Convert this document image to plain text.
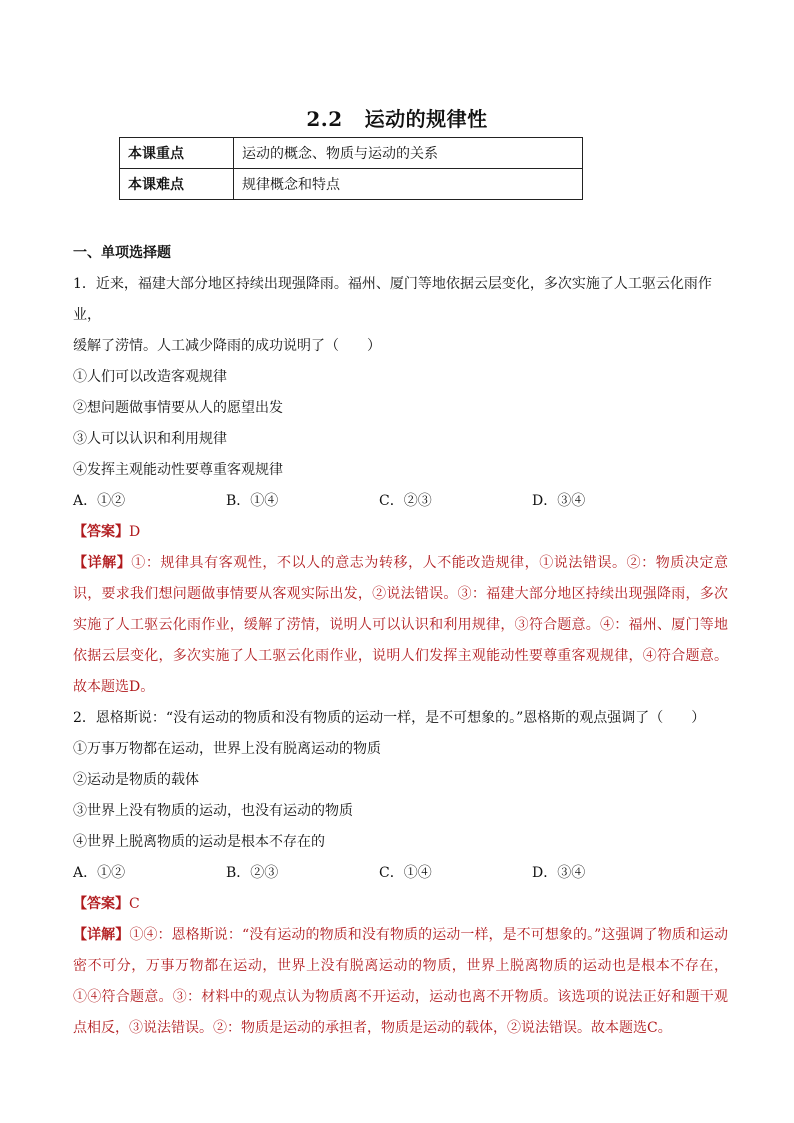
2.2 运动的规律性
本课重点	运动的概念、物质与运动的关系
本课难点	规律概念和特点

一、单项选择题

1．近来，福建大部分地区持续出现强降雨。福州、厦门等地依据云层变化，多次实施了人工驱云化雨作业，
缓解了涝情。人工减少降雨的成功说明了（　　）

①人们可以改造客观规律

②想问题做事情要从人的愿望出发

③人可以认识和利用规律

④发挥主观能动性要尊重客观规律

A．①②	B．①④	C．②③	D．③④

【答案】D

【详解】①：规律具有客观性，不以人的意志为转移，人不能改造规律，①说法错误。②：物质决定意识，要求我们想问题做事情要从客观实际出发，②说法错误。③：福建大部分地区持续出现强降雨，多次实施了人工驱云化雨作业，缓解了涝情，说明人可以认识和利用规律，③符合题意。④：福州、厦门等地依据云层变化，多次实施了人工驱云化雨作业，说明人们发挥主观能动性要尊重客观规律，④符合题意。故本题选D。

2．恩格斯说：“没有运动的物质和没有物质的运动一样，是不可想象的。”恩格斯的观点强调了（　　）

①万事万物都在运动，世界上没有脱离运动的物质

②运动是物质的载体

③世界上没有物质的运动，也没有运动的物质

④世界上脱离物质的运动是根本不存在的

A．①②	B．②③	C．①④	D．③④

【答案】C

【详解】①④：恩格斯说：“没有运动的物质和没有物质的运动一样，是不可想象的。”这强调了物质和运动密不可分，万事万物都在运动，世界上没有脱离运动的物质，世界上脱离物质的运动也是根本不存在，①④符合题意。③：材料中的观点认为物质离不开运动，运动也离不开物质。该选项的说法正好和题干观点相反，③说法错误。②：物质是运动的承担者，物质是运动的载体，②说法错误。故本题选C。
